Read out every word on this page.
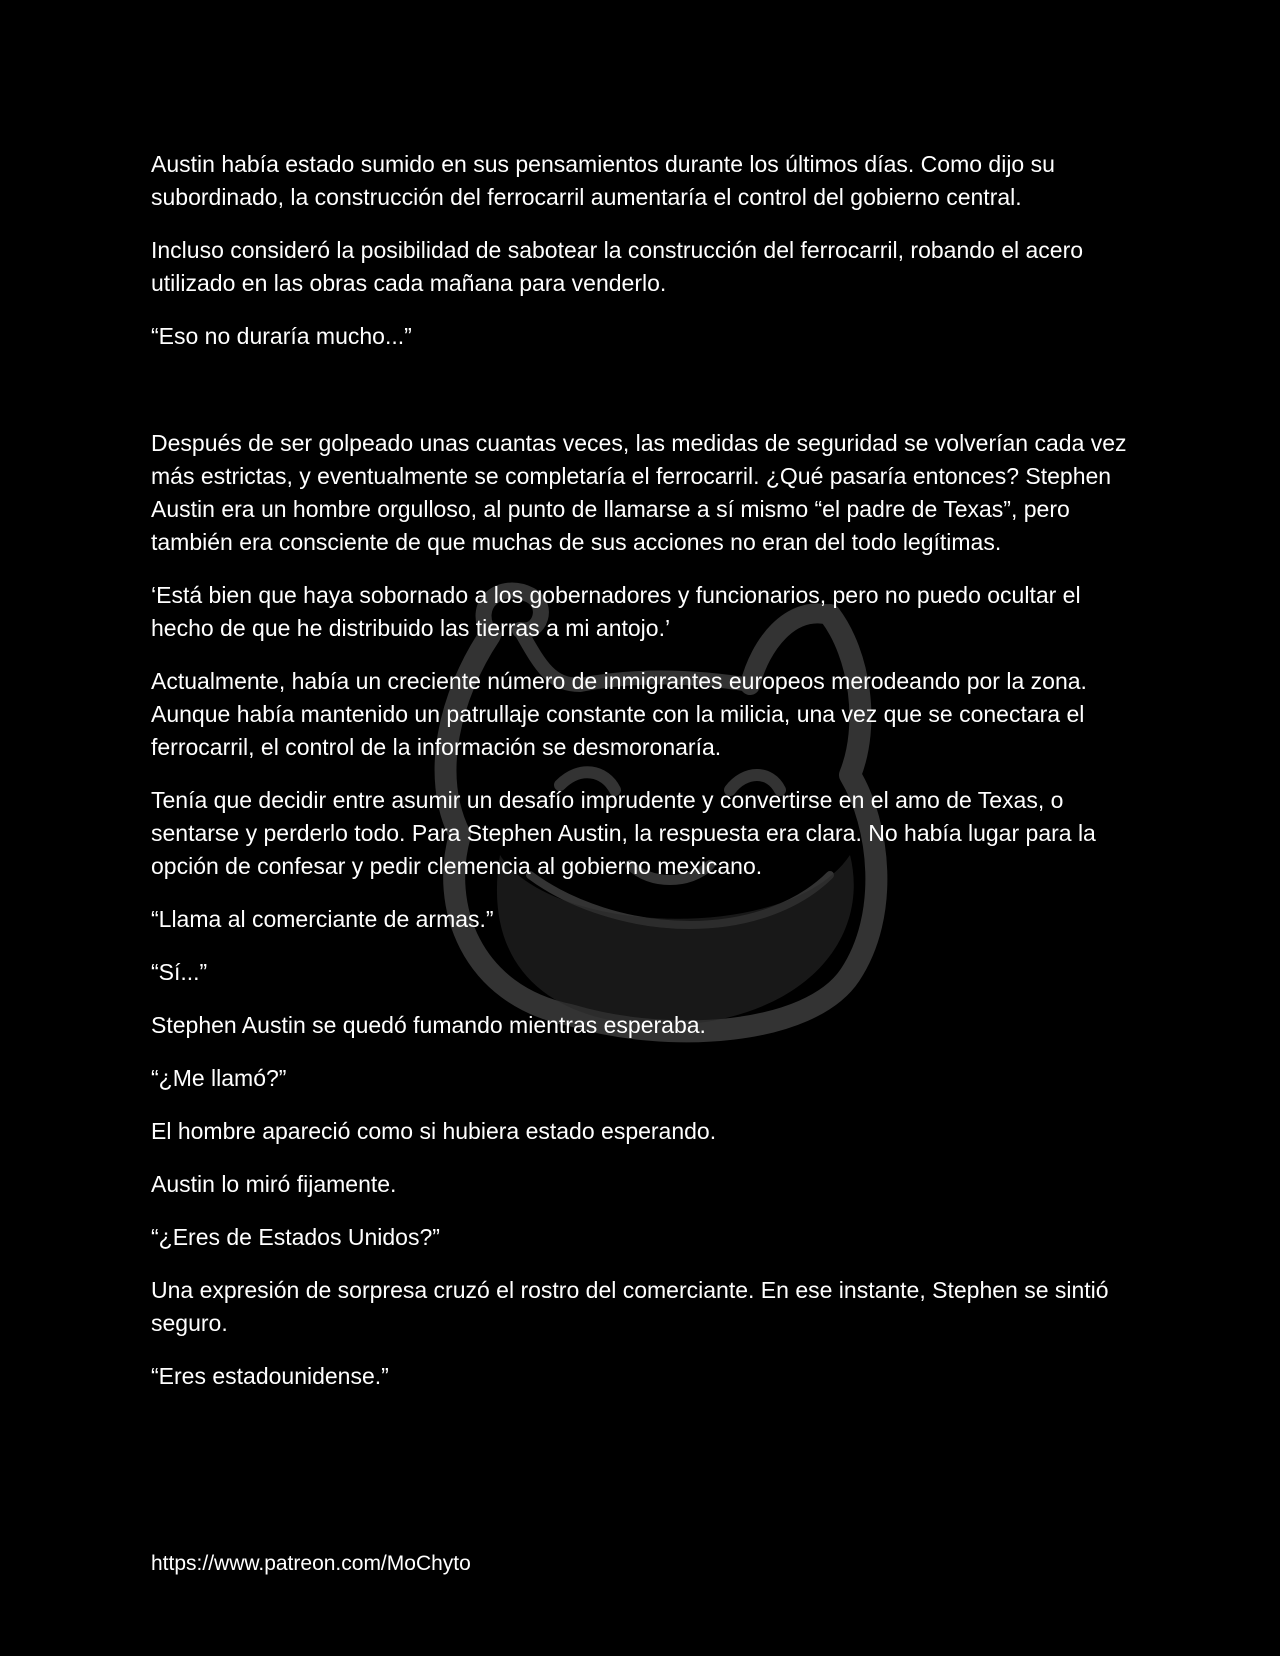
Austin había estado sumido en sus pensamientos durante los últimos días. Como dijo su subordinado, la construcción del ferrocarril aumentaría el control del gobierno central.

Incluso consideró la posibilidad de sabotear la construcción del ferrocarril, robando el acero utilizado en las obras cada mañana para venderlo.

“Eso no duraría mucho...”

Después de ser golpeado unas cuantas veces, las medidas de seguridad se volverían cada vez más estrictas, y eventualmente se completaría el ferrocarril. ¿Qué pasaría entonces? Stephen Austin era un hombre orgulloso, al punto de llamarse a sí mismo “el padre de Texas”, pero también era consciente de que muchas de sus acciones no eran del todo legítimas.

‘Está bien que haya sobornado a los gobernadores y funcionarios, pero no puedo ocultar el hecho de que he distribuido las tierras a mi antojo.’

Actualmente, había un creciente número de inmigrantes europeos merodeando por la zona. Aunque había mantenido un patrullaje constante con la milicia, una vez que se conectara el ferrocarril, el control de la información se desmoronaría.

Tenía que decidir entre asumir un desafío imprudente y convertirse en el amo de Texas, o sentarse y perderlo todo. Para Stephen Austin, la respuesta era clara. No había lugar para la opción de confesar y pedir clemencia al gobierno mexicano.

“Llama al comerciante de armas.”

“Sí...”

Stephen Austin se quedó fumando mientras esperaba.

“¿Me llamó?”

El hombre apareció como si hubiera estado esperando.

Austin lo miró fijamente.

“¿Eres de Estados Unidos?”

Una expresión de sorpresa cruzó el rostro del comerciante. En ese instante, Stephen se sintió seguro.

“Eres estadounidense.”

https://www.patreon.com/MoChyto
